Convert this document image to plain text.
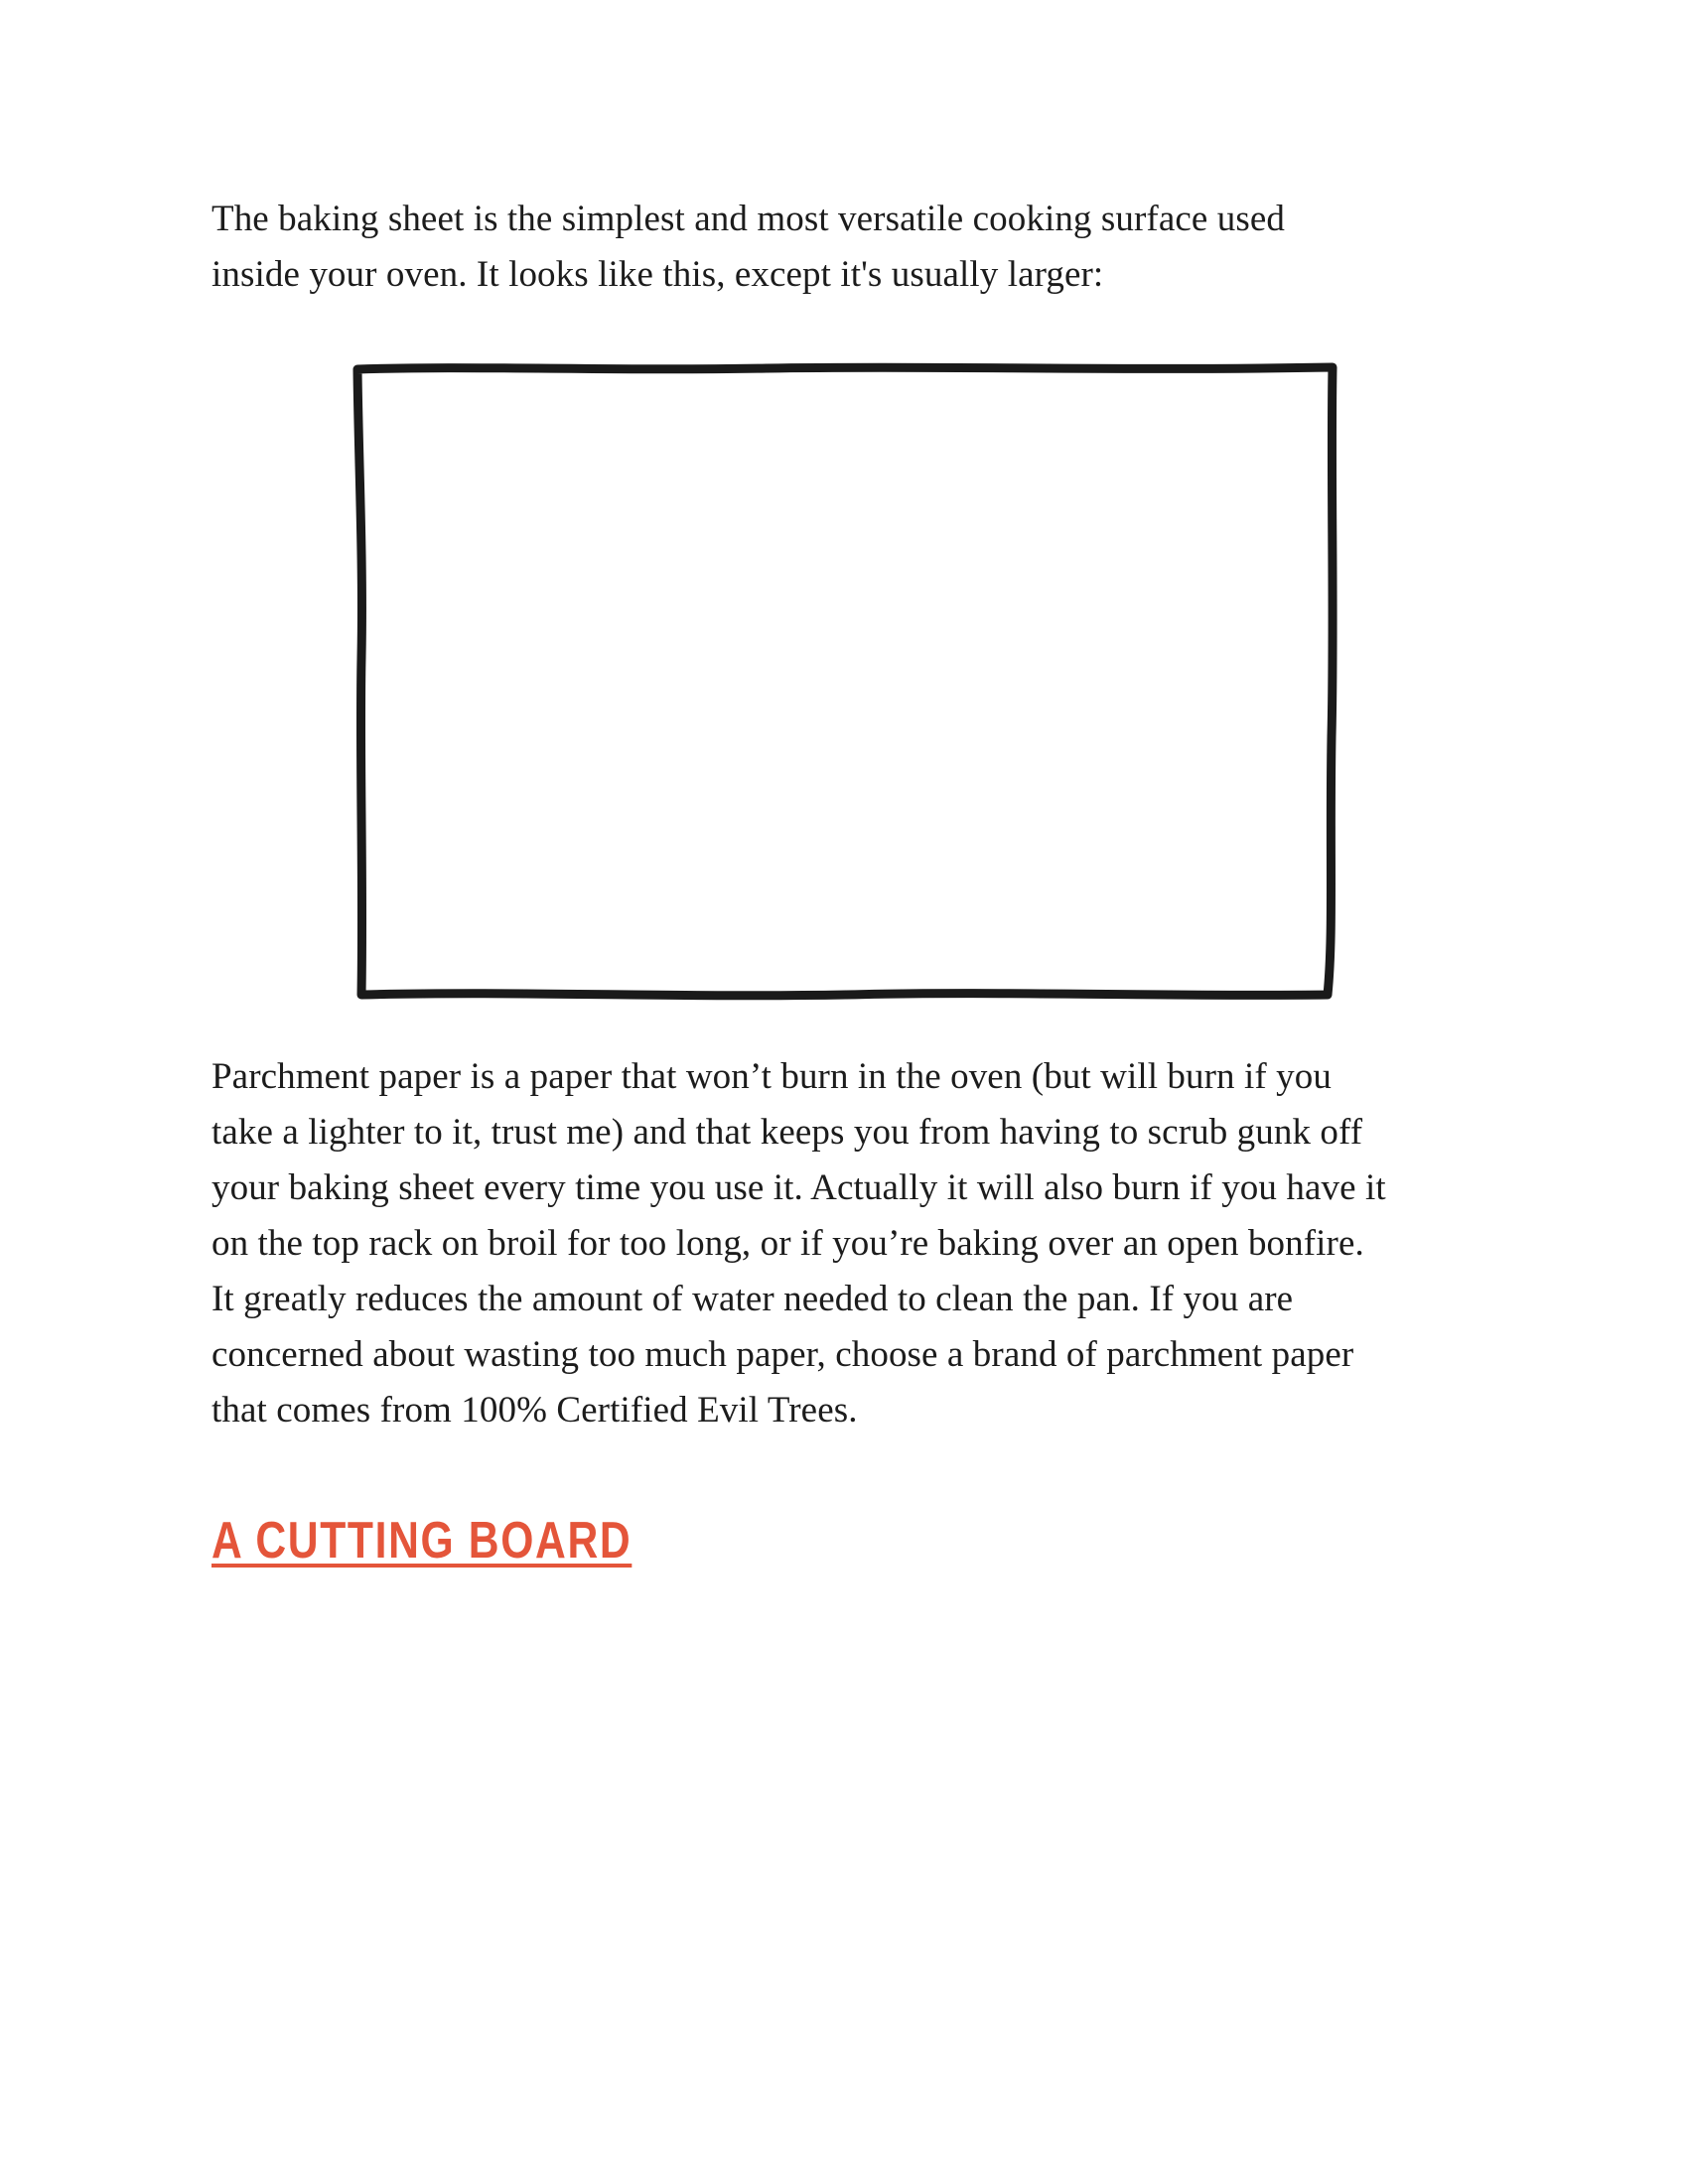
The baking sheet is the simplest and most versatile cooking surface used
inside your oven. It looks like this, except it's usually larger:

Parchment paper is a paper that won’t burn in the oven (but will burn if you
take a lighter to it, trust me) and that keeps you from having to scrub gunk off
your baking sheet every time you use it. Actually it will also burn if you have it
on the top rack on broil for too long, or if you’re baking over an open bonfire.
It greatly reduces the amount of water needed to clean the pan. If you are
concerned about wasting too much paper, choose a brand of parchment paper
that comes from 100% Certified Evil Trees.

A CUTTING BOARD
